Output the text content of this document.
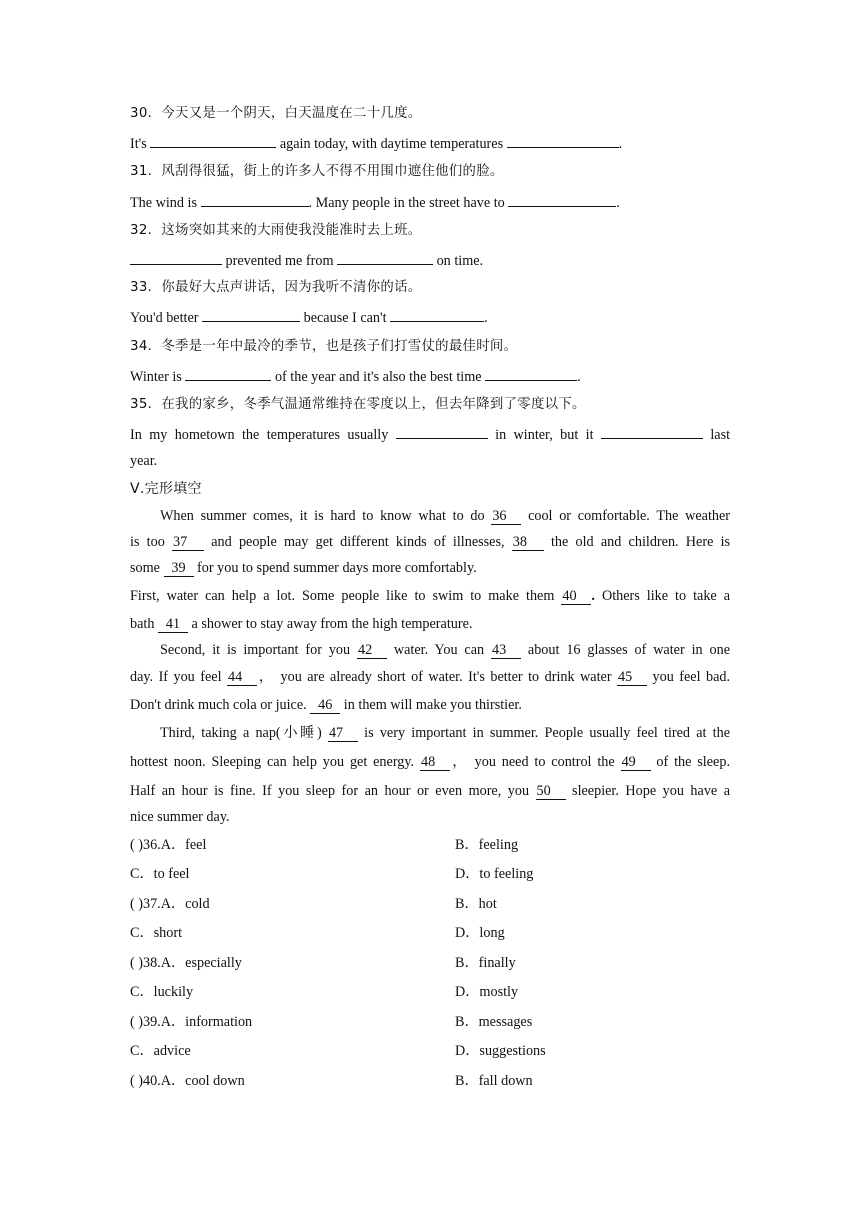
30．今天又是一个阴天，白天温度在二十几度。
It's	again today, with daytime temperatures	.
31．风刮得很猛，街上的许多人不得不用围巾遮住他们的脸。
The wind is	. Many people in the street have to	.
32．这场突如其来的大雨使我没能准时去上班。
prevented me from	on time.
33．你最好大点声讲话，因为我听不清你的话。
You'd better	because I can't	.
34．冬季是一年中最冷的季节，也是孩子们打雪仗的最佳时间。
Winter is	of the year and it's also the best time	.
35．在我的家乡，冬季气温通常维持在零度以上，但去年降到了零度以下。
In my hometown the temperatures usually	in winter, but it	last
year.
Ⅴ.完形填空
When summer comes, it is hard to know what to do 36 cool or comfortable. The weather
is too 37 and people may get different kinds of illnesses, 38 the old and children. Here is
some 39 for you to spend summer days more comfortably.
First, water can help a lot. Some people like to swim to make them 40 . Others like to take a
bath 41 a shower to stay away from the high temperature.
Second, it is important for you 42 water. You can 43 about 16 glasses of water in one
day. If you feel 44 ， you are already short of water. It's better to drink water 45 you feel bad.
Don't drink much cola or juice. 46 in them will make you thirstier.
Third, taking a nap(小睡) 47 is very important in summer. People usually feel tired at the
hottest noon. Sleeping can help you get energy. 48 ， you need to control the 49 of the sleep.
Half an hour is fine. If you sleep for an hour or even more, you 50 sleepier. Hope you have a
nice summer day.
( )36.A．feel	B．feeling
C．to feel	D．to feeling
( )37.A．cold	B．hot
C．short	D．long
( )38.A．especially	B．finally
C．luckily	D．mostly
( )39.A．information	B．messages
C．advice	D．suggestions
( )40.A．cool down	B．fall down
